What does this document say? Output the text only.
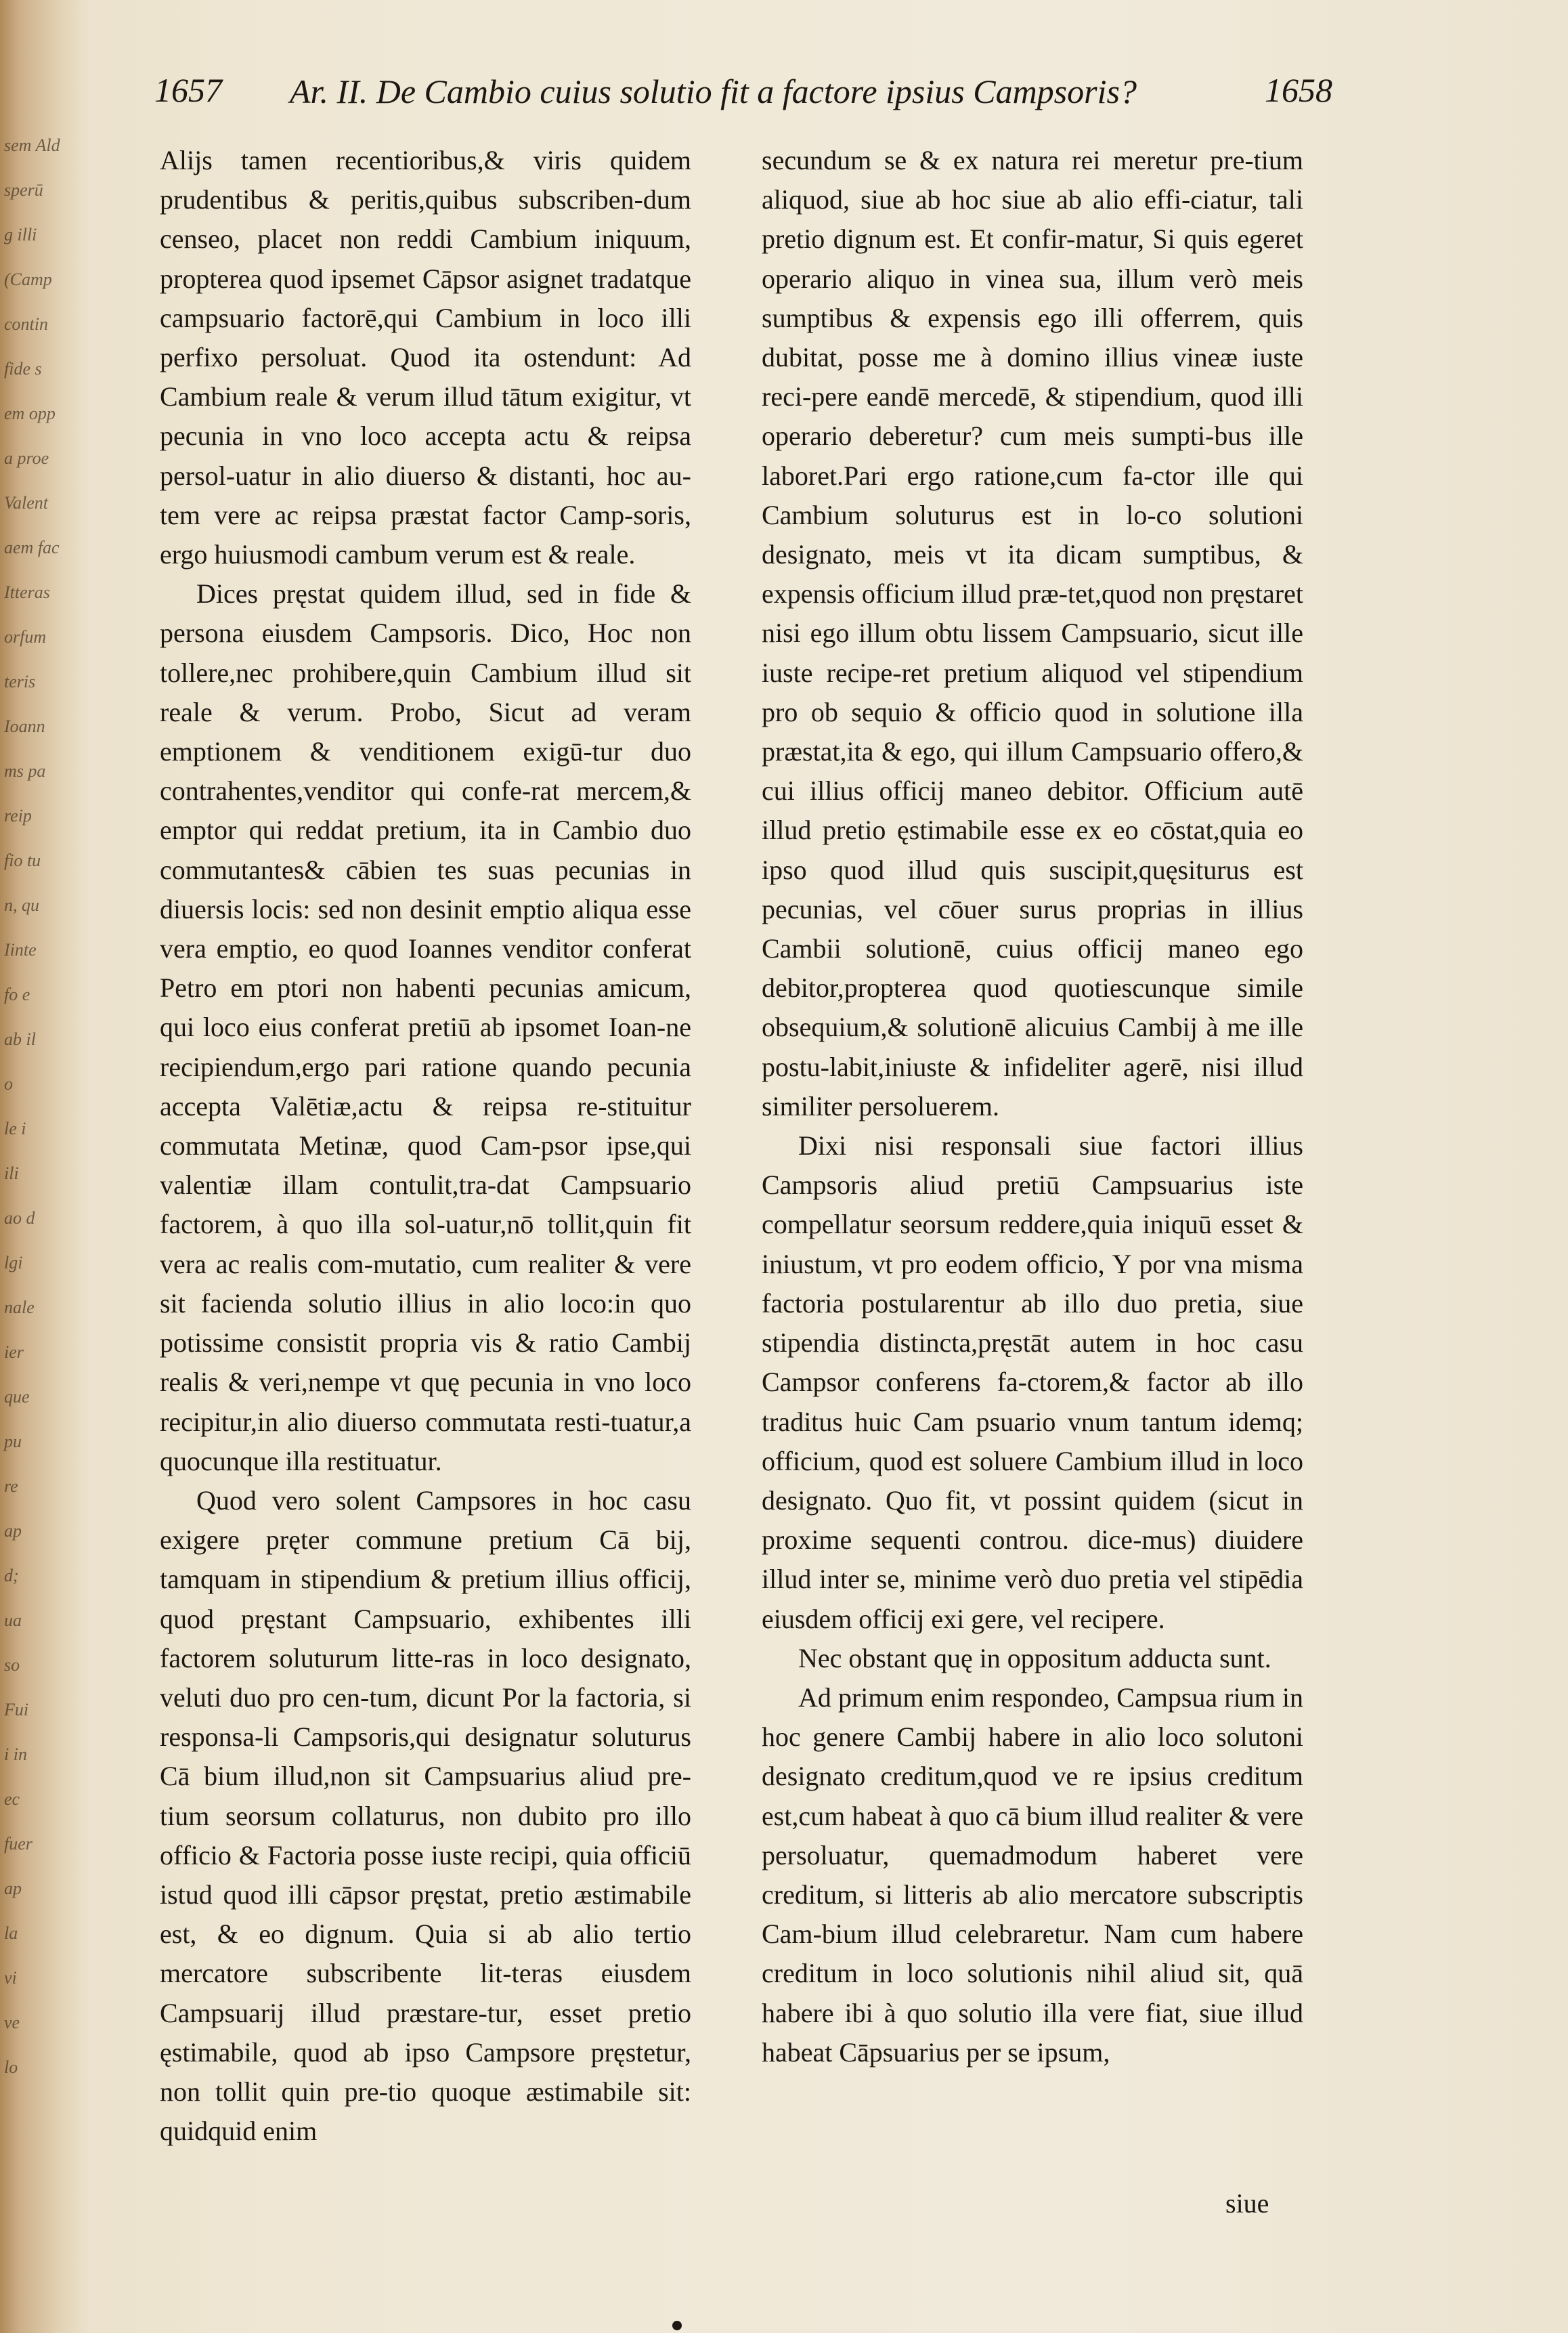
sem Ald
sperū
g illi
(Camp
contin
fide s
em opp
a proe
Valent
aem fac
Itteras
orfum
teris
Ioann
ms pa
reip
fio tu
n, qu
Iinte
fo e
ab il
o
le i
ili
ao d
lgi
nale
ier
que
pu
re
ap
d;
ua
so
Fui
i in
ec
fuer
ap
la
vi
ve
lo
1657 Ar. II. De Cambio cuius solutio fit a factore ipsius Campsoris?	1658

Alijs tamen recentioribus,& viris quidem prudentibus & peritis,quibus subscriben-dum censeo, placet non reddi Cambium iniquum, propterea quod ipsemet Cāpsor asignet tradatque campsuario factorē,qui Cambium in loco illi perfixo persoluat. Quod ita ostendunt: Ad Cambium reale & verum illud tātum exigitur, vt pecunia in vno loco accepta actu & reipsa persol-uatur in alio diuerso & distanti, hoc au-tem vere ac reipsa præstat factor Camp-soris, ergo huiusmodi cambum verum est & reale.

Dices pręstat quidem illud, sed in fide & persona eiusdem Campsoris. Dico, Hoc non tollere,nec prohibere,quin Cambium illud sit reale & verum. Probo, Sicut ad veram emptionem & venditionem exigū-tur duo contrahentes,venditor qui confe-rat mercem,& emptor qui reddat pretium, ita in Cambio duo commutantes& cābien tes suas pecunias in diuersis locis: sed non desinit emptio aliqua esse vera emptio, eo quod Ioannes venditor conferat Petro em ptori non habenti pecunias amicum, qui loco eius conferat pretiū ab ipsomet Ioan-ne recipiendum,ergo pari ratione quando pecunia accepta Valētiæ,actu & reipsa re-stituitur commutata Metinæ, quod Cam-psor ipse,qui valentiæ illam contulit,tra-dat Campsuario factorem, à quo illa sol-uatur,nō tollit,quin fit vera ac realis com-mutatio, cum realiter & vere sit facienda solutio illius in alio loco:in quo potissime consistit propria vis & ratio Cambij realis & veri,nempe vt quę pecunia in vno loco recipitur,in alio diuerso commutata resti-tuatur,a quocunque illa restituatur.

Quod vero solent Campsores in hoc casu exigere pręter commune pretium Cā bij, tamquam in stipendium & pretium illius officij, quod pręstant Campsuario, exhibentes illi factorem soluturum litte-ras in loco designato, veluti duo pro cen-tum, dicunt Por la factoria, si responsa-li Campsoris,qui designatur soluturus Cā bium illud,non sit Campsuarius aliud pre-tium seorsum collaturus, non dubito pro illo officio & Factoria posse iuste recipi, quia officiū istud quod illi cāpsor pręstat, pretio æstimabile est, & eo dignum. Quia si ab alio tertio mercatore subscribente lit-teras eiusdem Campsuarij illud præstare-tur, esset pretio ęstimabile, quod ab ipso Campsore pręstetur, non tollit quin pre-tio quoque æstimabile sit: quidquid enim

secundum se & ex natura rei meretur pre-tium aliquod, siue ab hoc siue ab alio effi-ciatur, tali pretio dignum est. Et confir-matur, Si quis egeret operario aliquo in vinea sua, illum verò meis sumptibus & expensis ego illi offerrem, quis dubitat, posse me à domino illius vineæ iuste reci-pere eandē mercedē, & stipendium, quod illi operario deberetur? cum meis sumpti-bus ille laboret.Pari ergo ratione,cum fa-ctor ille qui Cambium soluturus est in lo-co solutioni designato, meis vt ita dicam sumptibus, & expensis officium illud præ-tet,quod non pręstaret nisi ego illum obtu lissem Campsuario, sicut ille iuste recipe-ret pretium aliquod vel stipendium pro ob sequio & officio quod in solutione illa præstat,ita & ego, qui illum Campsuario offero,& cui illius officij maneo debitor. Officium autē illud pretio ęstimabile esse ex eo cōstat,quia eo ipso quod illud quis suscipit,quęsiturus est pecunias, vel cōuer surus proprias in illius Cambii solutionē, cuius officij maneo ego debitor,propterea quod quotiescunque simile obsequium,& solutionē alicuius Cambij à me ille postu-labit,iniuste & infideliter agerē, nisi illud similiter persoluerem.

Dixi nisi responsali siue factori illius Campsoris aliud pretiū Campsuarius iste compellatur seorsum reddere,quia iniquū esset & iniustum, vt pro eodem officio, Y por vna misma factoria postularentur ab illo duo pretia, siue stipendia distincta,pręstāt autem in hoc casu Campsor conferens fa-ctorem,& factor ab illo traditus huic Cam psuario vnum tantum idemq; officium, quod est soluere Cambium illud in loco designato. Quo fit, vt possint quidem (sicut in proxime sequenti controu. dice-mus) diuidere illud inter se, minime verò duo pretia vel stipēdia eiusdem officij exi gere, vel recipere.

Nec obstant quę in oppositum adducta sunt.

Ad primum enim respondeo, Campsua rium in hoc genere Cambij habere in alio loco solutoni designato creditum,quod ve re ipsius creditum est,cum habeat à quo cā bium illud realiter & vere persoluatur, quemadmodum haberet vere creditum, si litteris ab alio mercatore subscriptis Cam-bium illud celebraretur. Nam cum habere creditum in loco solutionis nihil aliud sit, quā habere ibi à quo solutio illa vere fiat, siue illud habeat Cāpsuarius per se ipsum,

siue
